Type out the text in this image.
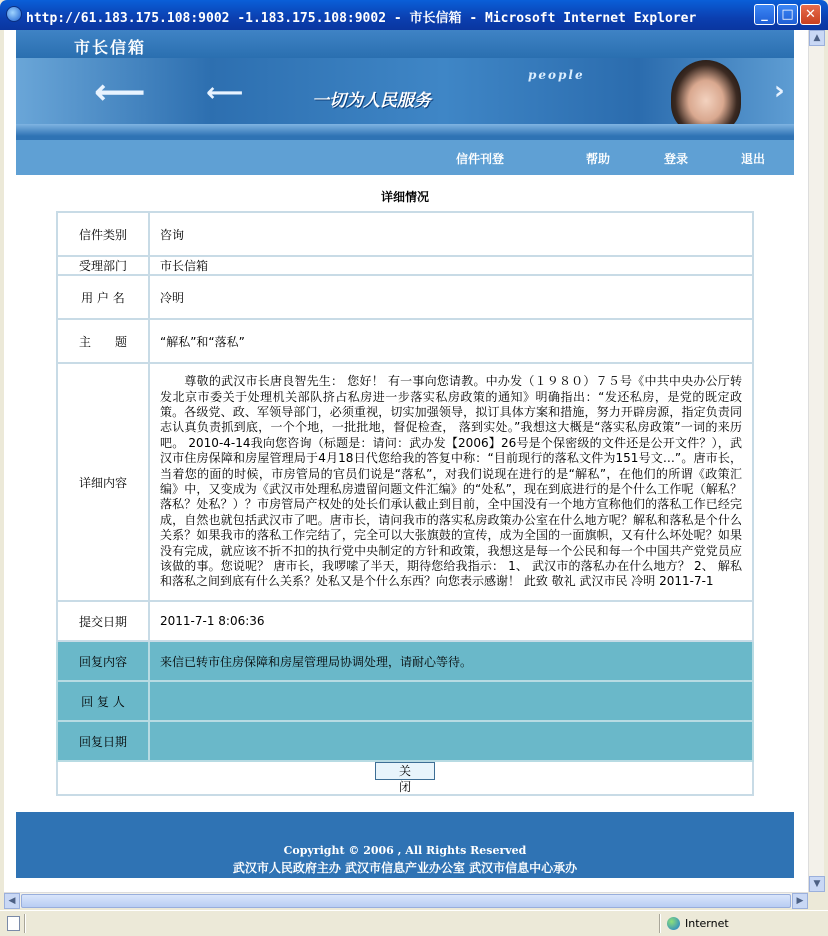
http://61.183.175.108:9002 -1.183.175.108:9002 - 市长信箱 - Microsoft Internet Explorer	_	□ ✕
市长信箱
⟵ ⟵	一切为人民服务
people
›
信件刊登	帮助	登录	退出
详细情况
信件类别	咨询
受理部门	市长信箱
用 户 名	冷明
主　　题	“解私”和“落私”
详细内容	　　尊敬的武汉市长唐良智先生： 您好！ 有一事向您请教。中办发（１９８０）７５号《中共中央办公厅转发北京市委关于处理机关部队挤占私房进一步落实私房政策的通知》明确指出：“发还私房，是党的既定政策。各级党、政、军领导部门，必须重视，切实加强领导，拟订具体方案和措施，努力开辟房源，指定负责同志认真负责抓到底，一个个地，一批批地，督促检查， 落到实处。”我想这大概是“落实私房政策”一词的来历吧。 2010-4-14我向您咨询（标题是：请问：武办发【2006】26号是个保密级的文件还是公开文件？），武汉市住房保障和房屋管理局于4月18日代您给我的答复中称：“目前现行的落私文件为151号文…”。唐市长，当着您的面的时候，市房管局的官员们说是“落私”，对我们说现在进行的是“解私”，在他们的所谓《政策汇编》中，又变成为《武汉市处理私房遗留问题文件汇编》的“处私”，现在到底进行的是个什么工作呢（解私？落私？处私？）？市房管局产权处的处长们承认截止到目前，全中国没有一个地方宣称他们的落私工作已经完成，自然也就包括武汉市了吧。唐市长，请问我市的落实私房政策办公室在什么地方呢？解私和落私是个什么关系？如果我市的落私工作完结了，完全可以大张旗鼓的宣传，成为全国的一面旗帜，又有什么坏处呢？如果没有完成，就应该不折不扣的执行党中央制定的方针和政策，我想这是每一个公民和每一个中国共产党党员应该做的事。您说呢？ 唐市长，我啰嗦了半天，期待您给我指示： 1、 武汉市的落私办在什么地方？ 2、 解私和落私之间到底有什么关系？处私又是个什么东西？向您表示感谢！ 此致 敬礼 武汉市民 冷明 2011-7-1
提交日期	2011-7-1 8:06:36
回复内容	来信已转市住房保障和房屋管理局协调处理，请耐心等待。
回 复 人	
回复日期	
关 闭	
Copyright © 2006 , All Rights Reserved
武汉市人民政府主办 武汉市信息产业办公室 武汉市信息中心承办
▲
▼
◀	▶
Internet
